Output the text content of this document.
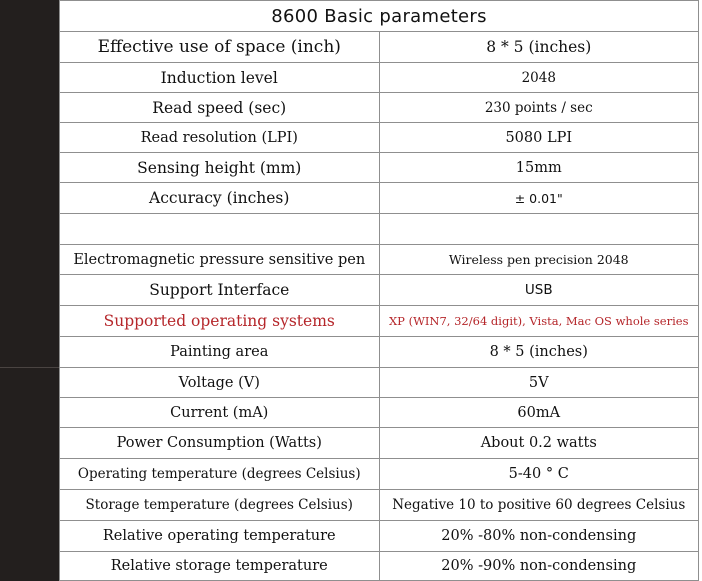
8600 Basic parameters	
Effective use of space (inch)	8 * 5 (inches)
Induction level	2048
Read speed (sec)	230 points / sec
Read resolution (LPI)	5080 LPI
Sensing height (mm)	15mm
Accuracy (inches)	± 0.01"

Electromagnetic pressure sensitive pen	Wireless pen precision 2048
Support Interface	USB
Supported operating systems	XP (WIN7, 32/64 digit), Vista, Mac OS whole series
Painting area	8 * 5 (inches)
Voltage (V)	5V
Current (mA)	60mA
Power Consumption (Watts)	About 0.2 watts
Operating temperature (degrees Celsius)	5-40 ° C
Storage temperature (degrees Celsius)	Negative 10 to positive 60 degrees Celsius
Relative operating temperature	20% -80% non-condensing
Relative storage temperature	20% -90% non-condensing
